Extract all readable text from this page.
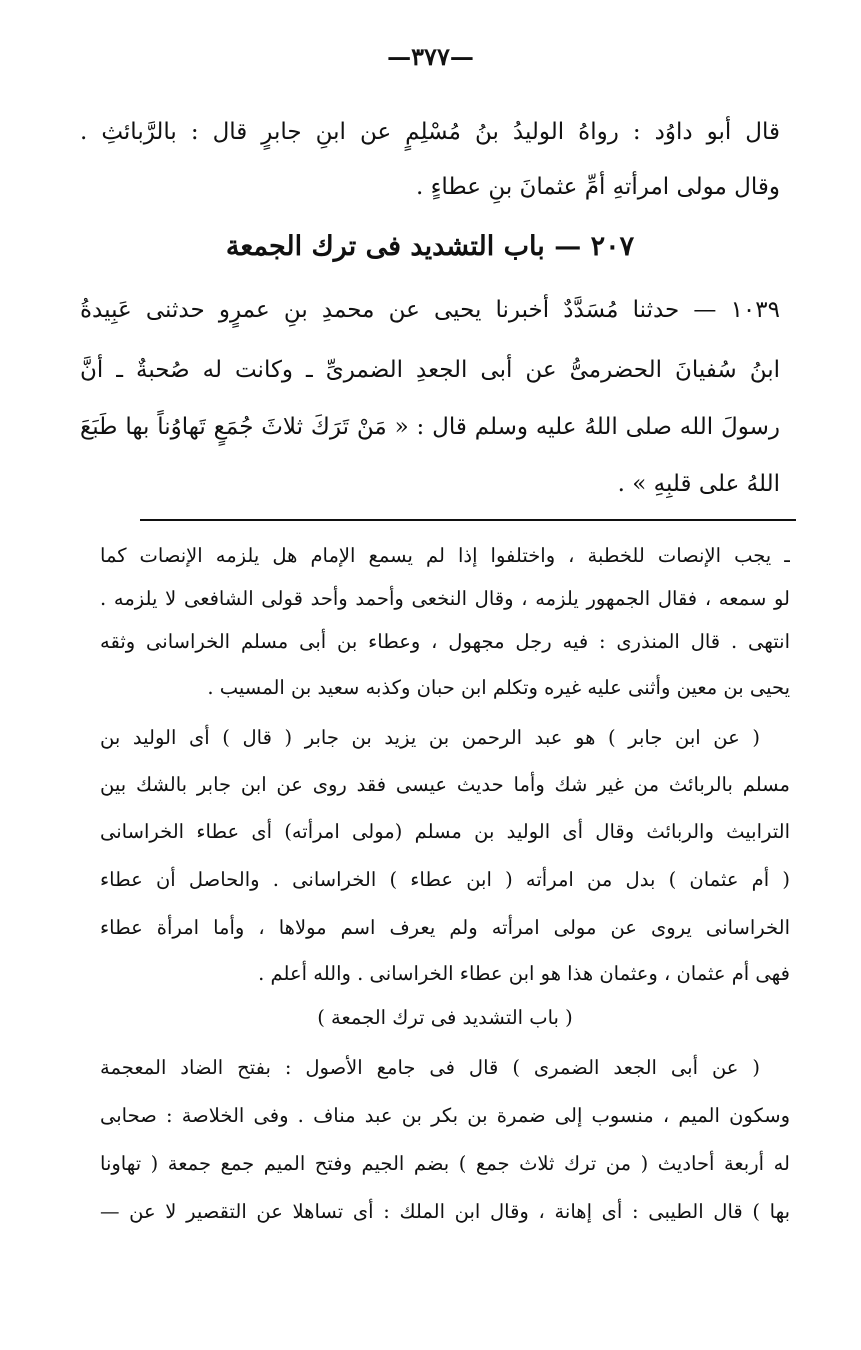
—٣٧٧—
قال أبو داوُد : رواهُ الوليدُ بنُ مُسْلِمٍ عن ابنِ جابرٍ قال : بالرَّبائثِ .
وقال مولى امرأتهِ أمِّ عثمانَ بنِ عطاءٍ .
٢٠٧ — باب التشديد فى ترك الجمعة
١٠٣٩ — حدثنا مُسَدَّدٌ أخبرنا يحيى عن محمدِ بنِ عمرٍو حدثنى عَبِيدةُ
ابنُ سُفيانَ الحضرمىُّ عن أبى الجعدِ الضمرىِّ ـ وكانت له صُحبةٌ ـ أنَّ
رسولَ الله صلى اللهُ عليه وسلم قال : « مَنْ تَرَكَ ثلاثَ جُمَعٍ تَهاوُناً بها طَبَعَ
اللهُ على قلبِهِ » .
ـ يجب الإنصات للخطبة ، واختلفوا إذا لم يسمع الإمام هل يلزمه الإنصات كما
لو سمعه ، فقال الجمهور يلزمه ، وقال النخعى وأحمد وأحد قولى الشافعى لا يلزمه .
انتهى . قال المنذرى : فيه رجل مجهول ، وعطاء بن أبى مسلم الخراسانى وثقه
يحيى بن معين وأثنى عليه غيره وتكلم ابن حبان وكذبه سعيد بن المسيب .
( عن ابن جابر ) هو عبد الرحمن بن يزيد بن جابر ( قال ) أى الوليد بن
مسلم بالربائث من غير شك وأما حديث عيسى فقد روى عن ابن جابر بالشك بين
الترابيث والربائث وقال أى الوليد بن مسلم (مولى امرأته) أى عطاء الخراسانى
( أم عثمان ) بدل من امرأته ( ابن عطاء ) الخراسانى . والحاصل أن عطاء
الخراسانى يروى عن مولى امرأته ولم يعرف اسم مولاها ، وأما امرأة عطاء
فهى أم عثمان ، وعثمان هذا هو ابن عطاء الخراسانى . والله أعلم .
( باب التشديد فى ترك الجمعة )
( عن أبى الجعد الضمرى ) قال فى جامع الأصول : بفتح الضاد المعجمة
وسكون الميم ، منسوب إلى ضمرة بن بكر بن عبد مناف . وفى الخلاصة : صحابى
له أربعة أحاديث ( من ترك ثلاث جمع ) بضم الجيم وفتح الميم جمع جمعة ( تهاونا
بها ) قال الطيبى : أى إهانة ، وقال ابن الملك : أى تساهلا عن التقصير لا عن —
